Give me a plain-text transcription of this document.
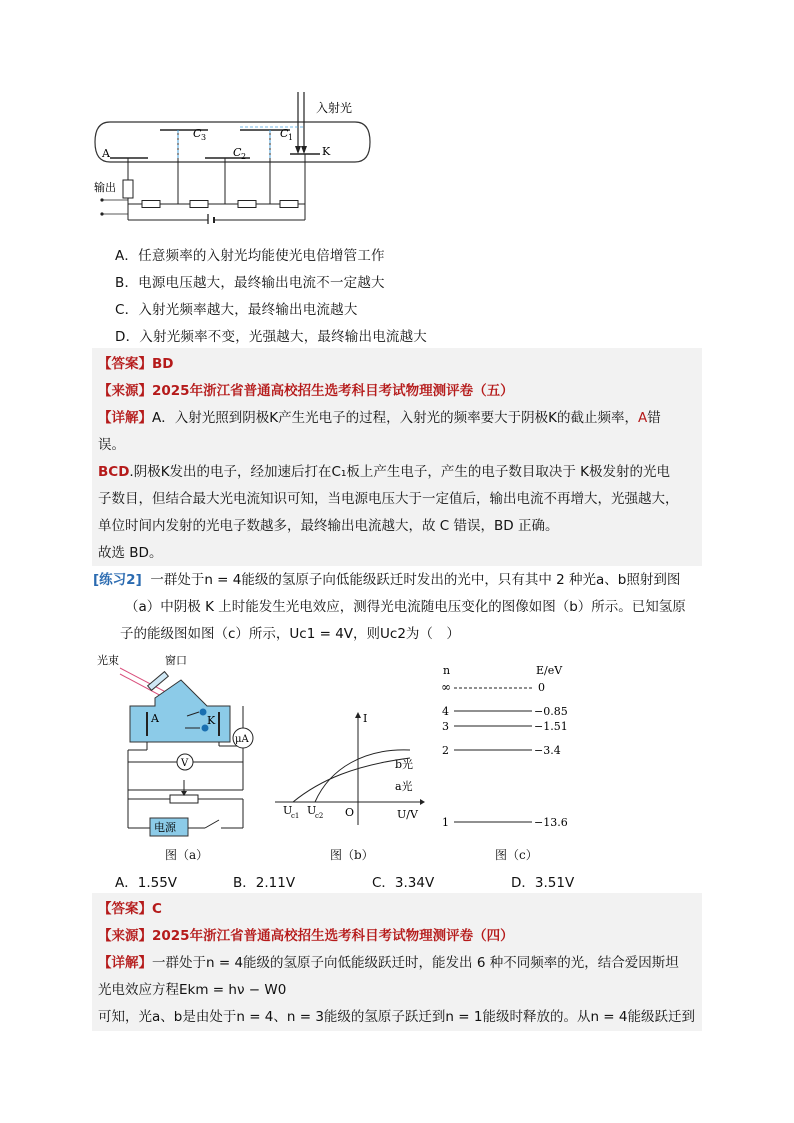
入射光
A	K
C 3	C 1
C 2
输出
A．任意频率的入射光均能使光电倍增管工作
B．电源电压越大，最终输出电流不一定越大
C．入射光频率越大，最终输出电流越大
D．入射光频率不变，光强越大，最终输出电流越大
【答案】BD
【来源】2025年浙江省普通高校招生选考科目考试物理测评卷（五）
【详解】A．入射光照到阴极K产生光电子的过程，入射光的频率要大于阴极K的截止频率，A错
误。
BCD.阴极K发出的电子，经加速后打在C₁板上产生电子，产生的电子数目取决于 K极发射的光电
子数目，但结合最大光电流知识可知，当电源电压大于一定值后，输出电流不再增大，光强越大，
单位时间内发射的光电子数越多，最终输出电流越大，故 C 错误，BD 正确。
故选 BD。
[练习2] 一群处于n = 4能级的氢原子向低能级跃迁时发出的光中，只有其中 2 种光a、b照射到图
（a）中阴极 K 上时能发生光电效应，测得光电流随电压变化的图像如图（b）所示。已知氢原
子的能级图如图（c）所示，Uc1 = 4V，则Uc2为（　）
μA
V
电源
光束	窗口
A	K
图（a）
I
U/V
O
U
c1 U
c2
b光
a光
图（b）
n	E/eV
∞	0
4	−0.85
3	−1.51
2	−3.4
1	−13.6
图（c）
A．1.55V	B．2.11V	C．3.34V	D．3.51V
【答案】C
【来源】2025年浙江省普通高校招生选考科目考试物理测评卷（四）
【详解】一群处于n = 4能级的氢原子向低能级跃迁时，能发出 6 种不同频率的光，结合爱因斯坦
光电效应方程Ekm = hν − W0
可知，光a、b是由处于n = 4、n = 3能级的氢原子跃迁到n = 1能级时释放的。从n = 4能级跃迁到
